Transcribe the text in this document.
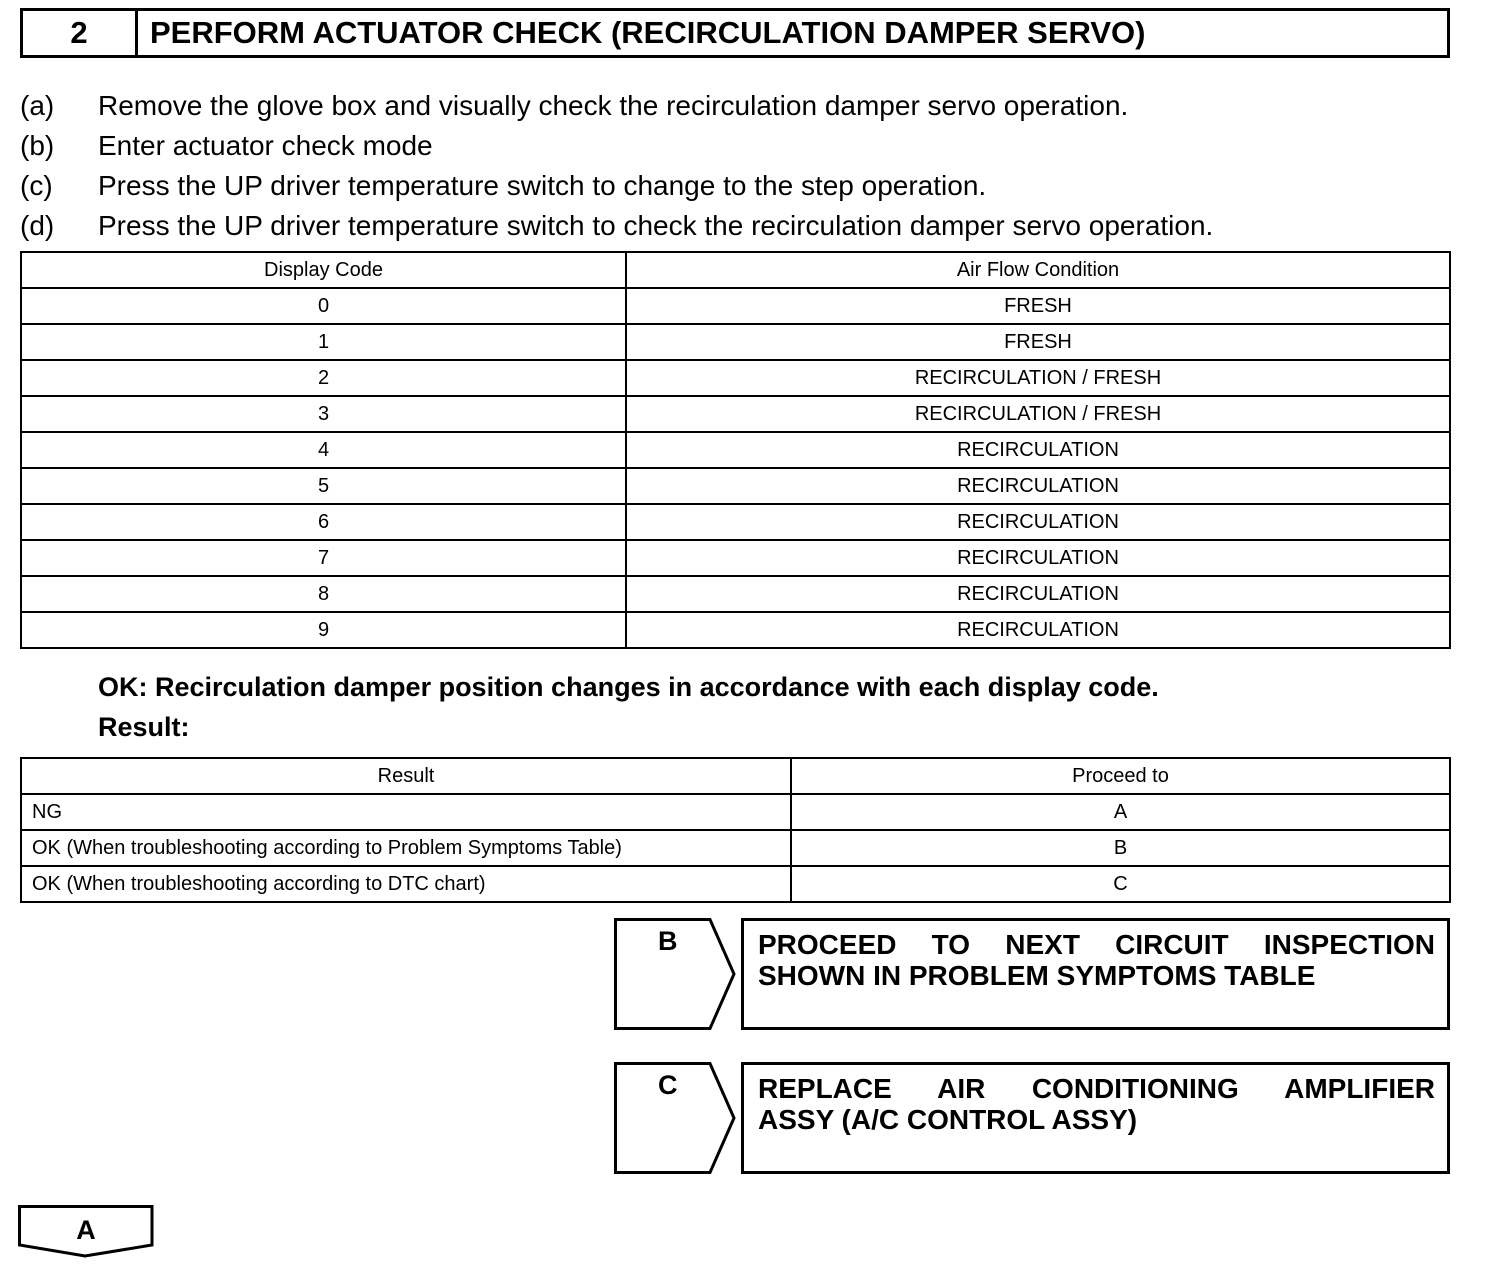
2	PERFORM ACTUATOR CHECK (RECIRCULATION DAMPER SERVO)
(a)	Remove the glove box and visually check the recirculation damper servo operation.
(b)	Enter actuator check mode
(c)	Press the UP driver temperature switch to change to the step operation.
(d)	Press the UP driver temperature switch to check the recirculation damper servo operation.
Display Code	Air Flow Condition
0	FRESH
1	FRESH
2	RECIRCULATION / FRESH
3	RECIRCULATION / FRESH
4	RECIRCULATION
5	RECIRCULATION
6	RECIRCULATION
7	RECIRCULATION
8	RECIRCULATION
9	RECIRCULATION
OK: Recirculation damper position changes in accordance with each display code.
Result:
Result	Proceed to
NG	A
OK (When troubleshooting according to Problem Symptoms Table)	B
OK (When troubleshooting according to DTC chart)	C
B	PROCEED TO NEXT CIRCUIT INSPECTION
SHOWN IN PROBLEM SYMPTOMS TABLE
C	REPLACE AIR CONDITIONING AMPLIFIER
ASSY (A/C CONTROL ASSY)
A
